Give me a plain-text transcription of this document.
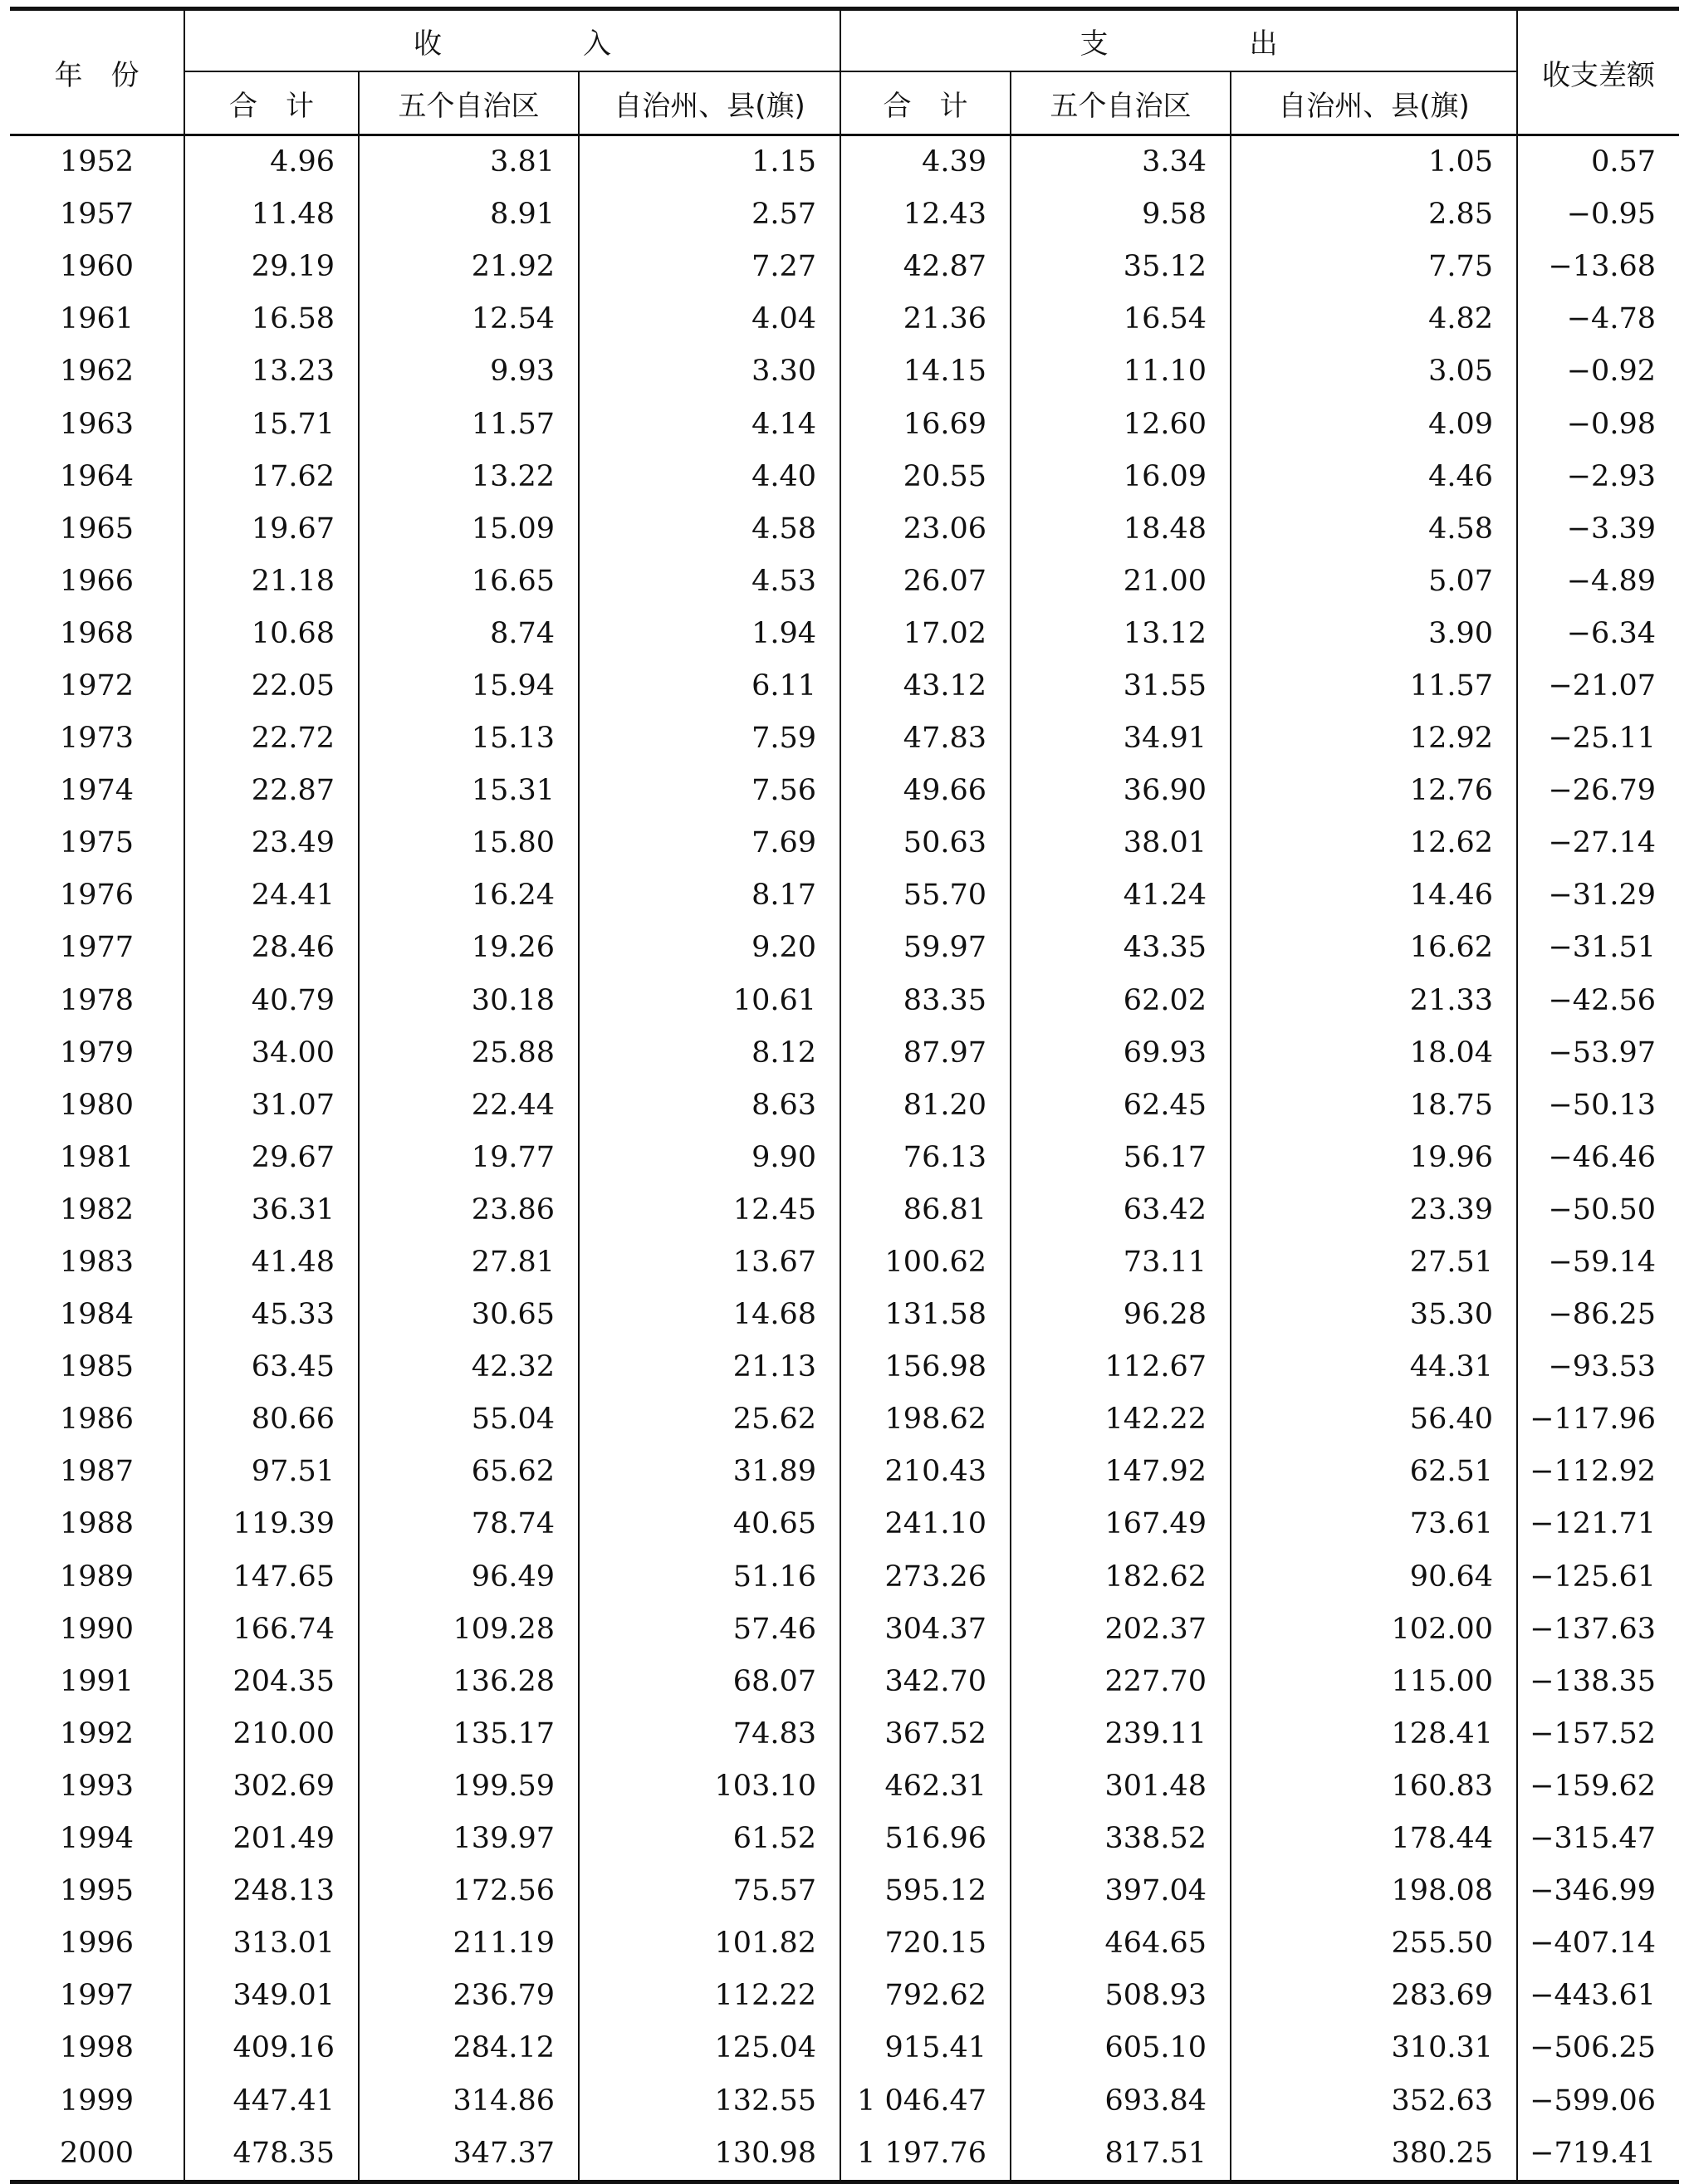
年　份	收　　　　　入			支　　　　　出			收支差额
	合　计	五个自治区	自治州、县(旗)	合　计	五个自治区	自治州、县(旗)	
1952	4.96	3.81	1.15	4.39	3.34	1.05	0.57
1957	11.48	8.91	2.57	12.43	9.58	2.85	−0.95
1960	29.19	21.92	7.27	42.87	35.12	7.75	−13.68
1961	16.58	12.54	4.04	21.36	16.54	4.82	−4.78
1962	13.23	9.93	3.30	14.15	11.10	3.05	−0.92
1963	15.71	11.57	4.14	16.69	12.60	4.09	−0.98
1964	17.62	13.22	4.40	20.55	16.09	4.46	−2.93
1965	19.67	15.09	4.58	23.06	18.48	4.58	−3.39
1966	21.18	16.65	4.53	26.07	21.00	5.07	−4.89
1968	10.68	8.74	1.94	17.02	13.12	3.90	−6.34
1972	22.05	15.94	6.11	43.12	31.55	11.57	−21.07
1973	22.72	15.13	7.59	47.83	34.91	12.92	−25.11
1974	22.87	15.31	7.56	49.66	36.90	12.76	−26.79
1975	23.49	15.80	7.69	50.63	38.01	12.62	−27.14
1976	24.41	16.24	8.17	55.70	41.24	14.46	−31.29
1977	28.46	19.26	9.20	59.97	43.35	16.62	−31.51
1978	40.79	30.18	10.61	83.35	62.02	21.33	−42.56
1979	34.00	25.88	8.12	87.97	69.93	18.04	−53.97
1980	31.07	22.44	8.63	81.20	62.45	18.75	−50.13
1981	29.67	19.77	9.90	76.13	56.17	19.96	−46.46
1982	36.31	23.86	12.45	86.81	63.42	23.39	−50.50
1983	41.48	27.81	13.67	100.62	73.11	27.51	−59.14
1984	45.33	30.65	14.68	131.58	96.28	35.30	−86.25
1985	63.45	42.32	21.13	156.98	112.67	44.31	−93.53
1986	80.66	55.04	25.62	198.62	142.22	56.40	−117.96
1987	97.51	65.62	31.89	210.43	147.92	62.51	−112.92
1988	119.39	78.74	40.65	241.10	167.49	73.61	−121.71
1989	147.65	96.49	51.16	273.26	182.62	90.64	−125.61
1990	166.74	109.28	57.46	304.37	202.37	102.00	−137.63
1991	204.35	136.28	68.07	342.70	227.70	115.00	−138.35
1992	210.00	135.17	74.83	367.52	239.11	128.41	−157.52
1993	302.69	199.59	103.10	462.31	301.48	160.83	−159.62
1994	201.49	139.97	61.52	516.96	338.52	178.44	−315.47
1995	248.13	172.56	75.57	595.12	397.04	198.08	−346.99
1996	313.01	211.19	101.82	720.15	464.65	255.50	−407.14
1997	349.01	236.79	112.22	792.62	508.93	283.69	−443.61
1998	409.16	284.12	125.04	915.41	605.10	310.31	−506.25
1999	447.41	314.86	132.55	1 046.47	693.84	352.63	−599.06
2000	478.35	347.37	130.98	1 197.76	817.51	380.25	−719.41
